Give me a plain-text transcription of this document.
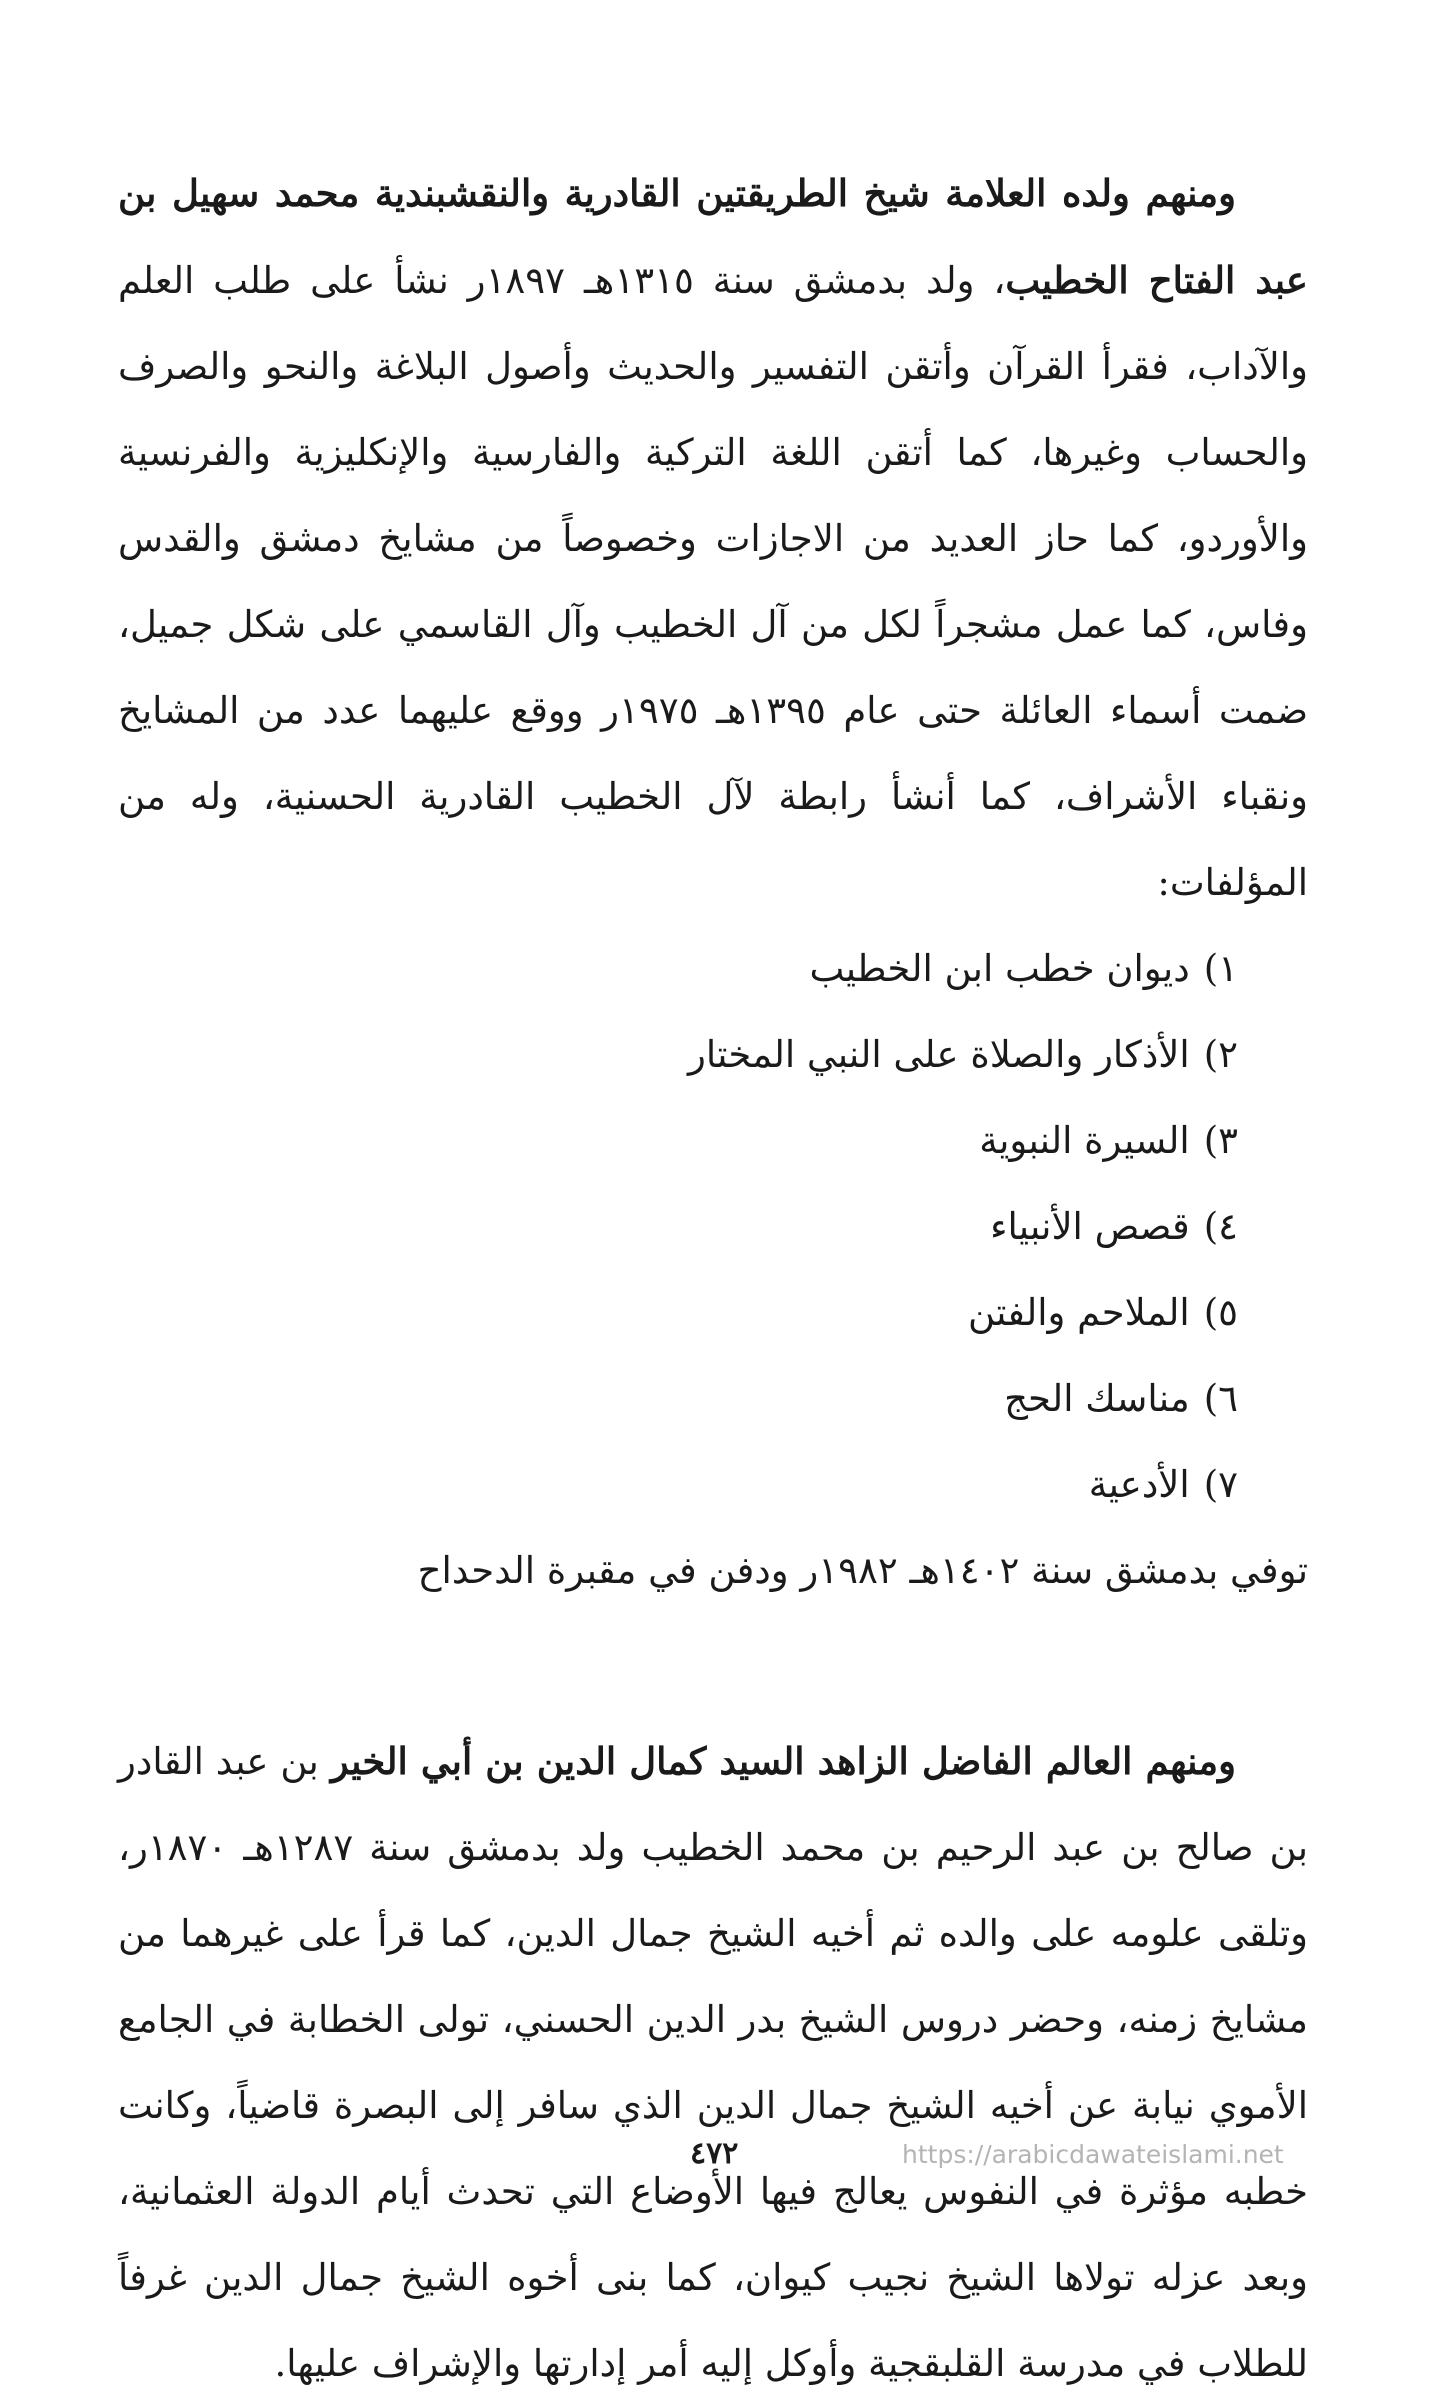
ومنهم ولده العلامة شيخ الطريقتين القادرية والنقشبندية محمد سهيل بن عبد الفتاح الخطيب، ولد بدمشق سنة ١٣١٥هـ ١٨٩٧ر نشأ على طلب العلم والآداب، فقرأ القرآن وأتقن التفسير والحديث وأصول البلاغة والنحو والصرف والحساب وغيرها، كما أتقن اللغة التركية والفارسية والإنكليزية والفرنسية والأوردو، كما حاز العديد من الاجازات وخصوصاً من مشايخ دمشق والقدس وفاس، كما عمل مشجراً لكل من آل الخطيب وآل القاسمي على شكل جميل، ضمت أسماء العائلة حتى عام ١٣٩٥هـ ١٩٧٥ر ووقع عليهما عدد من المشايخ ونقباء الأشراف، كما أنشأ رابطة لآل الخطيب القادرية الحسنية، وله من المؤلفات:

١)ديوان خطب ابن الخطيب
٢)الأذكار والصلاة على النبي المختار
٣)السيرة النبوية
٤)قصص الأنبياء
٥)الملاحم والفتن
٦)مناسك الحج
٧)الأدعية

توفي بدمشق سنة ١٤٠٢هـ ١٩٨٢ر ودفن في مقبرة الدحداح

ومنهم العالم الفاضل الزاهد السيد كمال الدين بن أبي الخير بن عبد القادر بن صالح بن عبد الرحيم بن محمد الخطيب ولد بدمشق سنة ١٢٨٧هـ ١٨٧٠ر، وتلقى علومه على والده ثم أخيه الشيخ جمال الدين، كما قرأ على غيرهما من مشايخ زمنه، وحضر دروس الشيخ بدر الدين الحسني، تولى الخطابة في الجامع الأموي نيابة عن أخيه الشيخ جمال الدين الذي سافر إلى البصرة قاضياً، وكانت خطبه مؤثرة في النفوس يعالج فيها الأوضاع التي تحدث أيام الدولة العثمانية، وبعد عزله تولاها الشيخ نجيب كيوان، كما بنى أخوه الشيخ جمال الدين غرفاً للطلاب في مدرسة القلبقجية وأوكل إليه أمر إدارتها والإشراف عليها.

٤٧٢	https://arabicdawateislami.net
